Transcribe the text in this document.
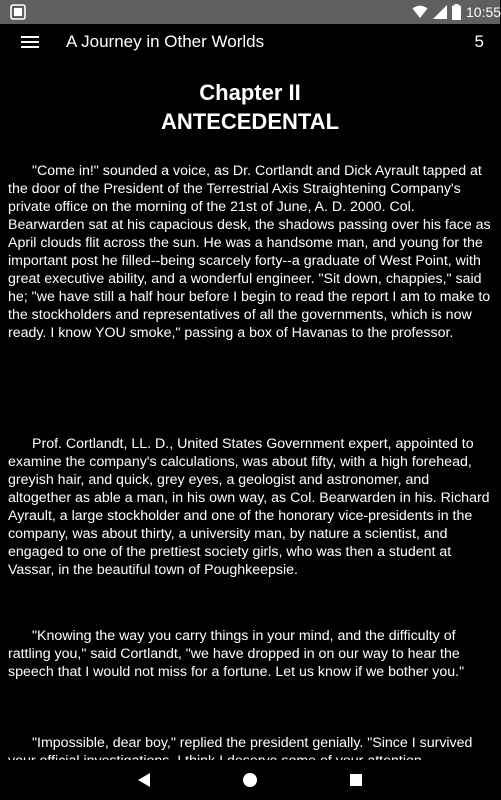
10:55
A Journey in Other Worlds	5
Chapter II
ANTECEDENTAL

"Come in!" sounded a voice, as Dr. Cortlandt and Dick Ayrault tapped at the door of the President of the Terrestrial Axis Straightening Company's private office on the morning of the 21st of June, A. D. 2000. Col. Bearwarden sat at his capacious desk, the shadows passing over his face as April clouds flit across the sun. He was a handsome man, and young for the important post he filled--being scarcely forty--a graduate of West Point, with great executive ability, and a wonderful engineer. "Sit down, chappies," said he; "we have still a half hour before I begin to read the report I am to make to the stockholders and representatives of all the governments, which is now ready. I know YOU smoke," passing a box of Havanas to the professor.

Prof. Cortlandt, LL. D., United States Government expert, appointed to examine the company's calculations, was about fifty, with a high forehead, greyish hair, and quick, grey eyes, a geologist and astronomer, and altogether as able a man, in his own way, as Col. Bearwarden in his. Richard Ayrault, a large stockholder and one of the honorary vice-presidents in the company, was about thirty, a university man, by nature a scientist, and engaged to one of the prettiest society girls, who was then a student at Vassar, in the beautiful town of Poughkeepsie.

"Knowing the way you carry things in your mind, and the difficulty of rattling you," said Cortlandt, "we have dropped in on our way to hear the speech that I would not miss for a fortune. Let us know if we bother you."

"Impossible, dear boy," replied the president genially. "Since I survived
